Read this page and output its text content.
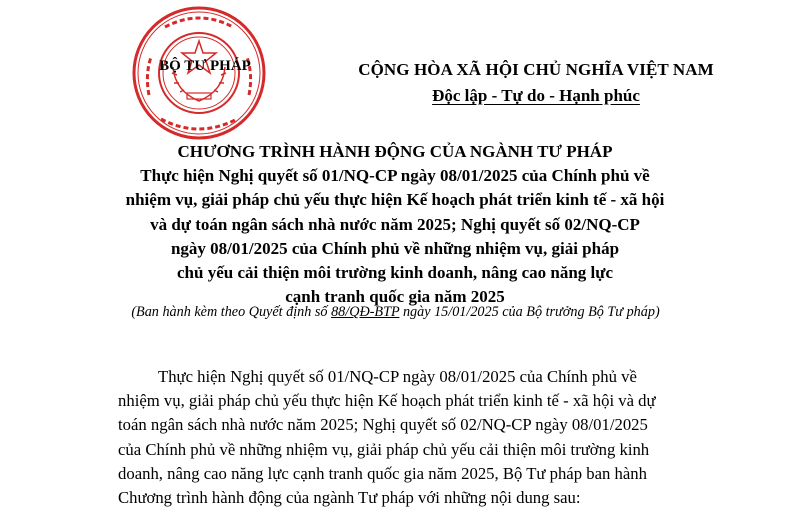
BỘ TƯ PHÁP	CỘNG HÒA XÃ HỘI CHỦ NGHĨA VIỆT NAM
Độc lập - Tự do - Hạnh phúc
CHƯƠNG TRÌNH HÀNH ĐỘNG CỦA NGÀNH TƯ PHÁP
Thực hiện Nghị quyết số 01/NQ-CP ngày 08/01/2025 của Chính phủ về
nhiệm vụ, giải pháp chủ yếu thực hiện Kế hoạch phát triển kinh tế - xã hội
và dự toán ngân sách nhà nước năm 2025; Nghị quyết số 02/NQ-CP
ngày 08/01/2025 của Chính phủ về những nhiệm vụ, giải pháp
chủ yếu cải thiện môi trường kinh doanh, nâng cao năng lực
cạnh tranh quốc gia năm 2025
(Ban hành kèm theo Quyết định số 88/QĐ-BTP ngày 15/01/2025 của Bộ trưởng Bộ Tư pháp)
Thực hiện Nghị quyết số 01/NQ-CP ngày 08/01/2025 của Chính phủ về
nhiệm vụ, giải pháp chủ yếu thực hiện Kế hoạch phát triển kinh tế - xã hội và dự
toán ngân sách nhà nước năm 2025; Nghị quyết số 02/NQ-CP ngày 08/01/2025
của Chính phủ về những nhiệm vụ, giải pháp chủ yếu cải thiện môi trường kinh
doanh, nâng cao năng lực cạnh tranh quốc gia năm 2025, Bộ Tư pháp ban hành
Chương trình hành động của ngành Tư pháp với những nội dung sau:
